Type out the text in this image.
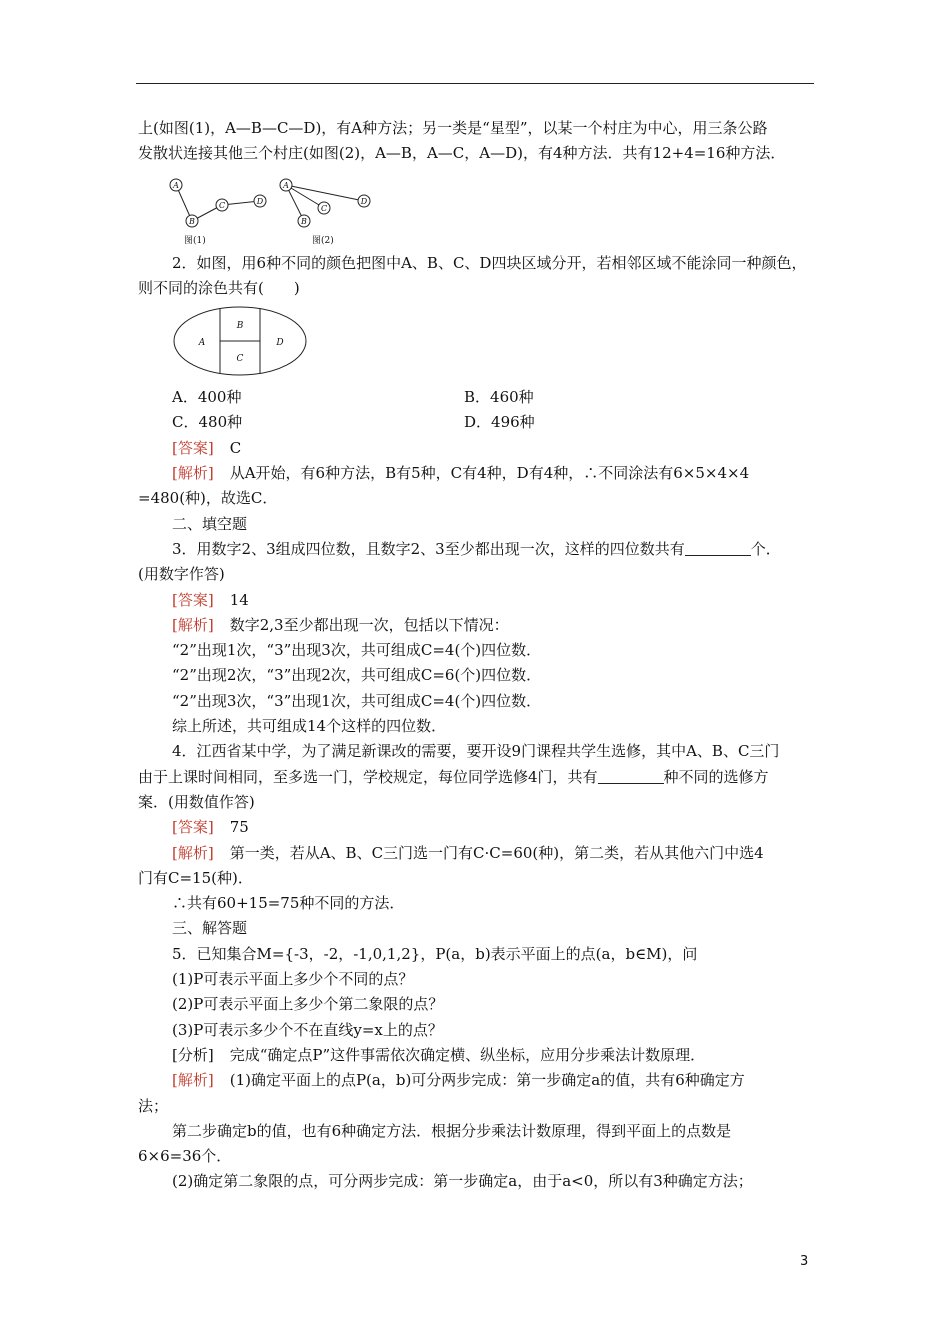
上(如图(1)，A—B—C—D)，有A种方法；另一类是“星型”，以某一个村庄为中心，用三条公路

发散状连接其他三个村庄(如图(2)，A—B，A—C，A—D)，有4种方法．共有12+4=16种方法．

A
B
C	D
A
B
C
D
图(1)	图(2)

2．如图，用6种不同的颜色把图中A、B、C、D四块区域分开，若相邻区域不能涂同一种颜色，

则不同的涂色共有(　　)

A
B
C
D
A．400种	B．460种
C．480种	D．496种

[答案] C

[解析] 从A开始，有6种方法，B有5种，C有4种，D有4种，∴不同涂法有6×5×4×4

=480(种)，故选C．

二、填空题

3．用数字2、3组成四位数，且数字2、3至少都出现一次，这样的四位数共有	个．

(用数字作答)

[答案] 14

[解析] 数字2,3至少都出现一次，包括以下情况：

“2”出现1次，“3”出现3次，共可组成C=4(个)四位数．

“2”出现2次，“3”出现2次，共可组成C=6(个)四位数．

“2”出现3次，“3”出现1次，共可组成C=4(个)四位数．

综上所述，共可组成14个这样的四位数．

4．江西省某中学，为了满足新课改的需要，要开设9门课程共学生选修，其中A、B、C三门

由于上课时间相同，至多选一门，学校规定，每位同学选修4门，共有	种不同的选修方

案．(用数值作答)

[答案] 75

[解析] 第一类，若从A、B、C三门选一门有C·C=60(种)，第二类，若从其他六门中选4

门有C=15(种)．

∴共有60+15=75种不同的方法．

三、解答题

5．已知集合M={-3，-2，-1,0,1,2}，P(a，b)表示平面上的点(a，b∈M)，问

(1)P可表示平面上多少个不同的点？

(2)P可表示平面上多少个第二象限的点？

(3)P可表示多少个不在直线y=x上的点？

[分析] 完成“确定点P”这件事需依次确定横、纵坐标，应用分步乘法计数原理．

[解析] (1)确定平面上的点P(a，b)可分两步完成：第一步确定a的值，共有6种确定方

法；

第二步确定b的值，也有6种确定方法．根据分步乘法计数原理，得到平面上的点数是

6×6=36个．

(2)确定第二象限的点，可分两步完成：第一步确定a，由于a<0，所以有3种确定方法；

3
